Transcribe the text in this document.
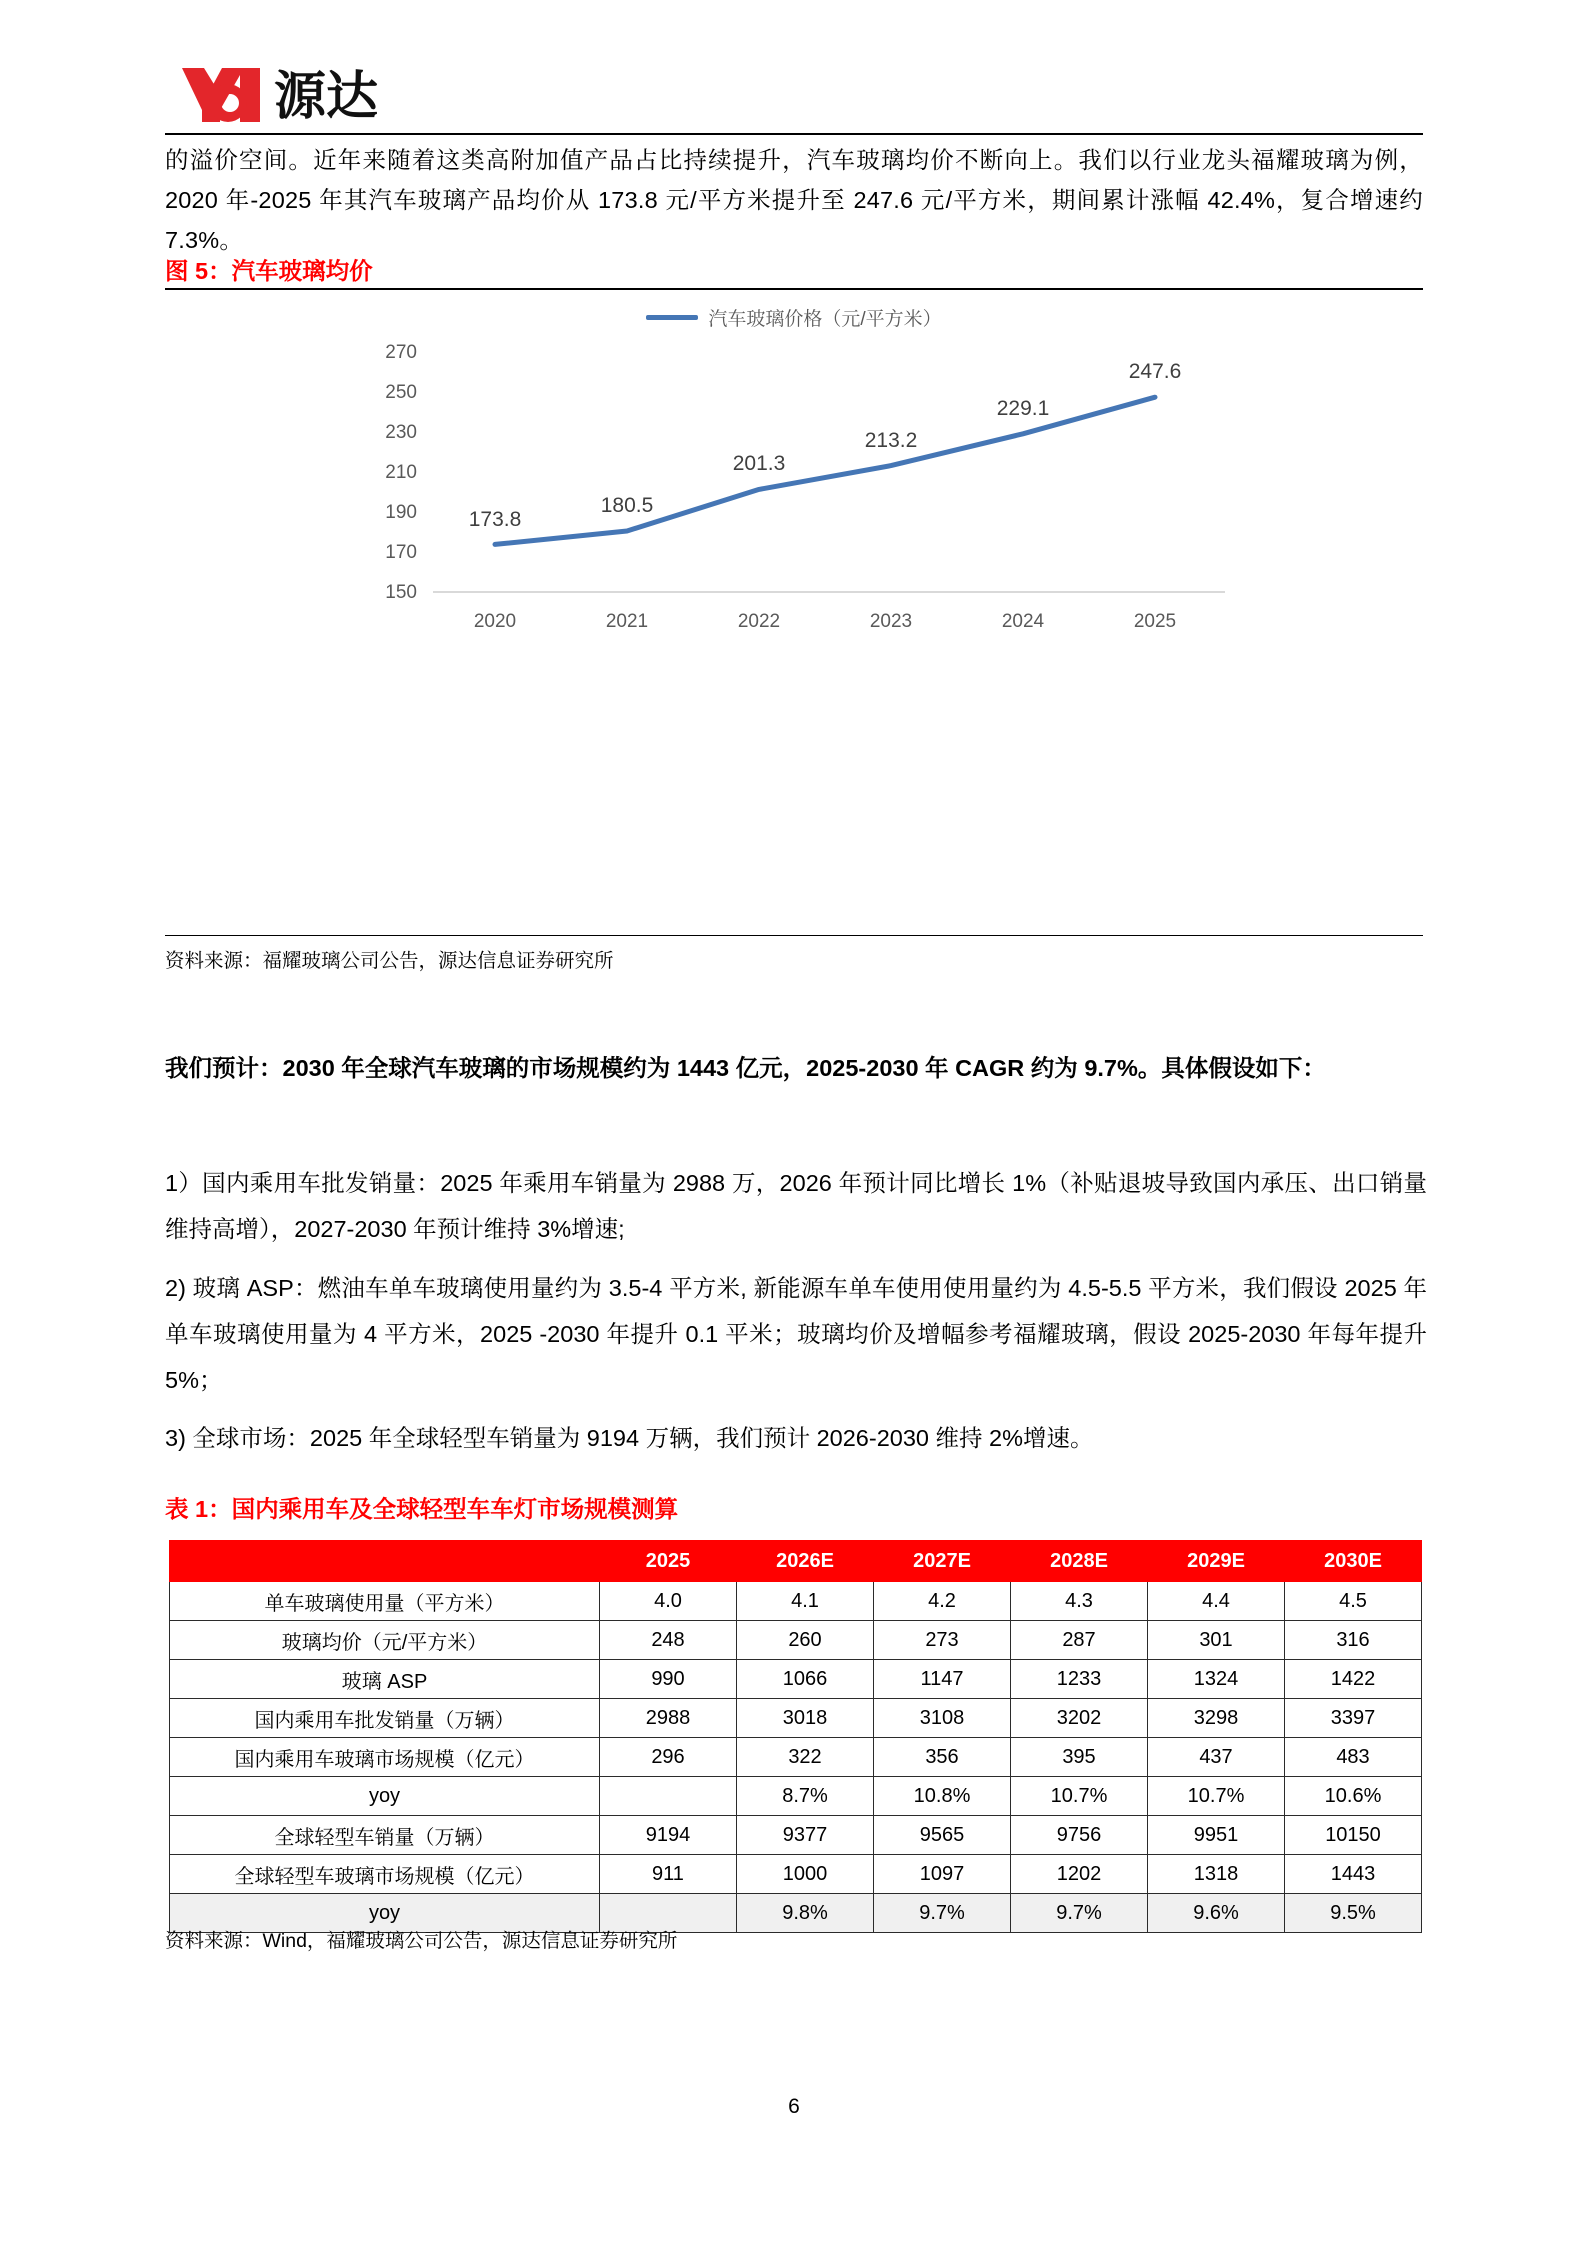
源达
的溢价空间。近年来随着这类高附加值产品占比持续提升，汽车玻璃均价不断向上。我们以行业龙头福耀玻璃为例，2020 年-2025 年其汽车玻璃产品均价从 173.8 元/平方米提升至 247.6 元/平方米，期间累计涨幅 42.4%，复合增速约 7.3%。
图 5：汽车玻璃均价
汽车玻璃价格（元/平方米）
270
250
230
210
190
170
150
173.8
180.5
201.3
213.2
229.1
247.6
2020	2021	2022	2023	2024	2025
资料来源：福耀玻璃公司公告，源达信息证券研究所
我们预计：2030 年全球汽车玻璃的市场规模约为 1443 亿元，2025-2030 年 CAGR 约为 9.7%。具体假设如下：
1）国内乘用车批发销量：2025 年乘用车销量为 2988 万，2026 年预计同比增长 1%（补贴退坡导致国内承压、出口销量维持高增），2027-2030 年预计维持 3%增速;
2) 玻璃 ASP：燃油车单车玻璃使用量约为 3.5-4 平方米, 新能源车单车使用使用量约为 4.5-5.5 平方米，我们假设 2025 年单车玻璃使用量为 4 平方米，2025 -2030 年提升 0.1 平米；玻璃均价及增幅参考福耀玻璃，假设 2025-2030 年每年提升 5%；
3) 全球市场：2025 年全球轻型车销量为 9194 万辆，我们预计 2026-2030 维持 2%增速。
表 1：国内乘用车及全球轻型车车灯市场规模测算
	2025	2026E	2027E	2028E	2029E	2030E
单车玻璃使用量（平方米）	4.0	4.1	4.2	4.3	4.4	4.5
玻璃均价（元/平方米）	248	260	273	287	301	316
玻璃 ASP	990	1066	1147	1233	1324	1422
国内乘用车批发销量（万辆）	2988	3018	3108	3202	3298	3397
国内乘用车玻璃市场规模（亿元）	296	322	356	395	437	483
yoy		8.7%	10.8%	10.7%	10.7%	10.6%
全球轻型车销量（万辆）	9194	9377	9565	9756	9951	10150
全球轻型车玻璃市场规模（亿元）	911	1000	1097	1202	1318	1443
yoy		9.8%	9.7%	9.7%	9.6%	9.5%
资料来源：Wind，福耀玻璃公司公告，源达信息证券研究所
6
